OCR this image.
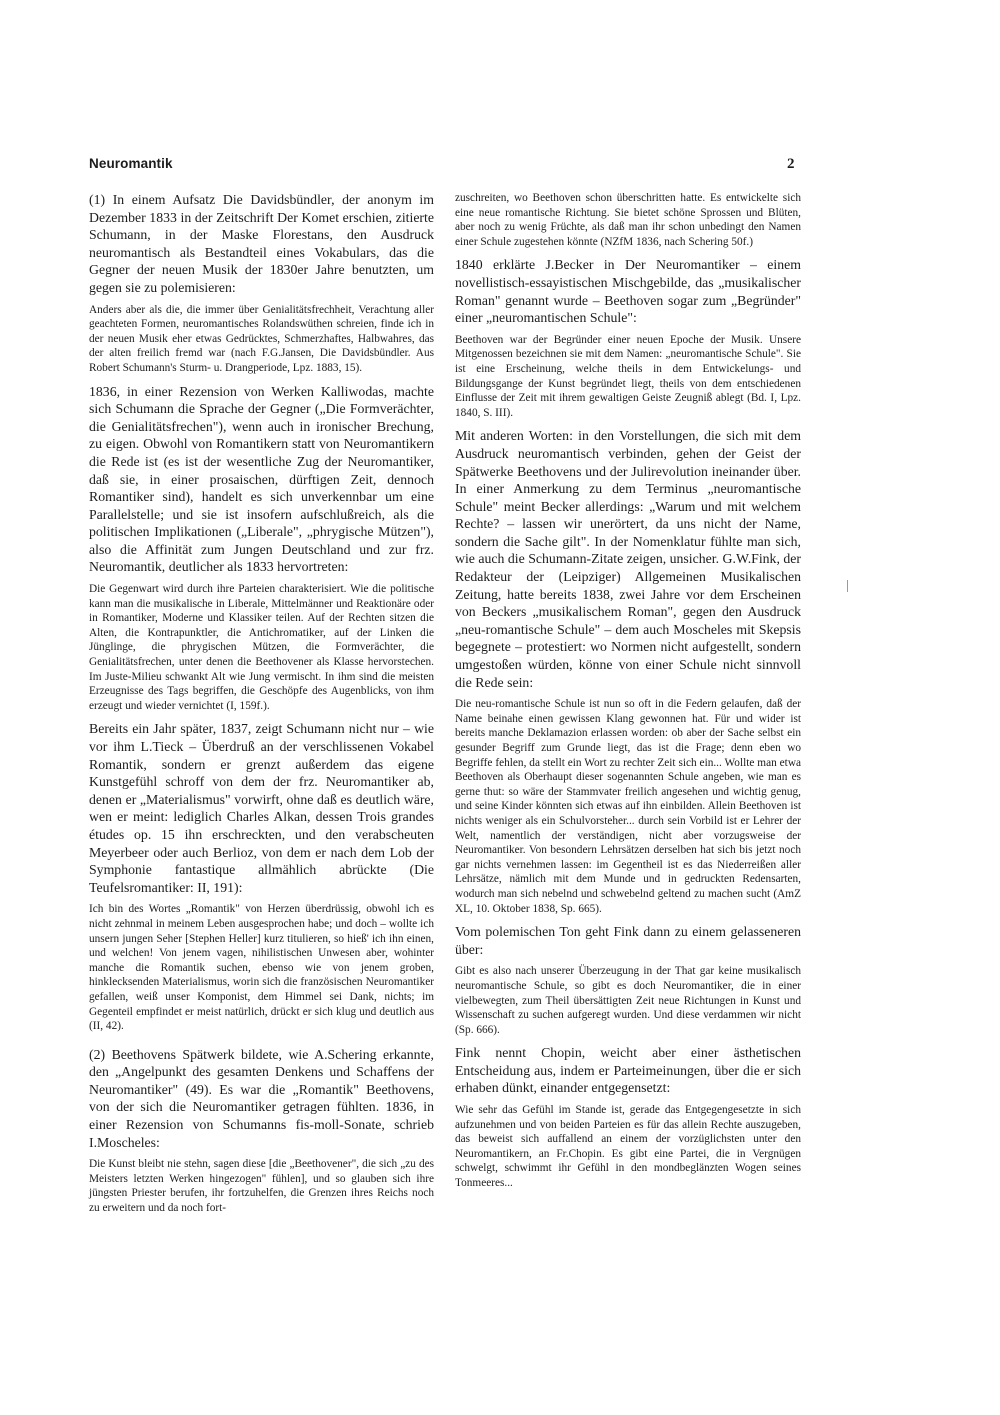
Neuromantik	2

(1) In einem Aufsatz Die Davidsbündler, der anonym im Dezember 1833 in der Zeitschrift Der Komet erschien, zitierte Schumann, in der Maske Florestans, den Ausdruck neuromantisch als Bestandteil eines Vokabulars, das die Gegner der neuen Musik der 1830er Jahre benutzten, um gegen sie zu polemisieren:

Anders aber als die, die immer über Genialitätsfrechheit, Verachtung aller geachteten Formen, neuromantisches Rolandswüthen schreien, finde ich in der neuen Musik eher etwas Gedrücktes, Schmerzhaftes, Halbwahres, das der alten freilich fremd war (nach F.G.Jansen, Die Davidsbündler. Aus Robert Schumann's Sturm- u. Drangperiode, Lpz. 1883, 15).

1836, in einer Rezension von Werken Kalliwodas, machte sich Schumann die Sprache der Gegner („Die Formverächter, die Genialitätsfrechen"), wenn auch in ironischer Brechung, zu eigen. Obwohl von Romantikern statt von Neuromantikern die Rede ist (es ist der wesentliche Zug der Neuromantiker, daß sie, in einer prosaischen, dürftigen Zeit, dennoch Romantiker sind), handelt es sich unverkennbar um eine Parallelstelle; und sie ist insofern aufschlußreich, als die politischen Implikationen („Liberale", „phrygische Mützen"), also die Affinität zum Jungen Deutschland und zur frz. Neuromantik, deutlicher als 1833 hervortreten:

Die Gegenwart wird durch ihre Parteien charakterisiert. Wie die politische kann man die musikalische in Liberale, Mittelmänner und Reaktionäre oder in Romantiker, Moderne und Klassiker teilen. Auf der Rechten sitzen die Alten, die Kontrapunktler, die Antichromatiker, auf der Linken die Jünglinge, die phrygischen Mützen, die Formverächter, die Genialitätsfrechen, unter denen die Beethovener als Klasse hervorstechen. Im Juste-Milieu schwankt Alt wie Jung vermischt. In ihm sind die meisten Erzeugnisse des Tags begriffen, die Geschöpfe des Augenblicks, von ihm erzeugt und wieder vernichtet (I, 159f.).

Bereits ein Jahr später, 1837, zeigt Schumann nicht nur – wie vor ihm L.Tieck – Überdruß an der verschlissenen Vokabel Romantik, sondern er grenzt außerdem das eigene Kunstgefühl schroff von dem der frz. Neuromantiker ab, denen er „Materialismus" vorwirft, ohne daß es deutlich wäre, wen er meint: lediglich Charles Alkan, dessen Trois grandes études op. 15 ihn erschreckten, und den verabscheuten Meyerbeer oder auch Berlioz, von dem er nach dem Lob der Symphonie fantastique allmählich abrückte (Die Teufelsromantiker: II, 191):

Ich bin des Wortes „Romantik" von Herzen überdrüssig, obwohl ich es nicht zehnmal in meinem Leben ausgesprochen habe; und doch – wollte ich unsern jungen Seher [Stephen Heller] kurz titulieren, so hieß' ich ihn einen, und welchen! Von jenem vagen, nihilistischen Unwesen aber, wohinter manche die Romantik suchen, ebenso wie von jenem groben, hinklecksenden Materialismus, worin sich die französischen Neuromantiker gefallen, weiß unser Komponist, dem Himmel sei Dank, nichts; im Gegenteil empfindet er meist natürlich, drückt er sich klug und deutlich aus (II, 42).

(2) Beethovens Spätwerk bildete, wie A.Schering erkannte, den „Angelpunkt des gesamten Denkens und Schaffens der Neuromantiker" (49). Es war die „Romantik" Beethovens, von der sich die Neuromantiker getragen fühlten. 1836, in einer Rezension von Schumanns fis-moll-Sonate, schrieb I.Moscheles:

Die Kunst bleibt nie stehn, sagen diese [die „Beethovener", die sich „zu des Meisters letzten Werken hingezogen" fühlen], und so glauben sich ihre jüngsten Priester berufen, ihr fortzuhelfen, die Grenzen ihres Reichs noch zu erweitern und da noch fort-

zuschreiten, wo Beethoven schon überschritten hatte. Es entwickelte sich eine neue romantische Richtung. Sie bietet schöne Sprossen und Blüten, aber noch zu wenig Früchte, als daß man ihr schon unbedingt den Namen einer Schule zugestehen könnte (NZfM 1836, nach Schering 50f.)

1840 erklärte J.Becker in Der Neuromantiker – einem novellistisch-essayistischen Mischgebilde, das „musikalischer Roman" genannt wurde – Beethoven sogar zum „Begründer" einer „neuromantischen Schule":

Beethoven war der Begründer einer neuen Epoche der Musik. Unsere Mitgenossen bezeichnen sie mit dem Namen: „neuromantische Schule". Sie ist eine Erscheinung, welche theils in dem Entwickelungs- und Bildungsgange der Kunst begründet liegt, theils von dem entschiedenen Einflusse der Zeit mit ihrem gewaltigen Geiste Zeugniß ablegt (Bd. I, Lpz. 1840, S. III).

Mit anderen Worten: in den Vorstellungen, die sich mit dem Ausdruck neuromantisch verbinden, gehen der Geist der Spätwerke Beethovens und der Julirevolution ineinander über. In einer Anmerkung zu dem Terminus „neuromantische Schule" meint Becker allerdings: „Warum und mit welchem Rechte? – lassen wir unerörtert, da uns nicht der Name, sondern die Sache gilt". In der Nomenklatur fühlte man sich, wie auch die Schumann-Zitate zeigen, unsicher. G.W.Fink, der Redakteur der (Leipziger) Allgemeinen Musikalischen Zeitung, hatte bereits 1838, zwei Jahre vor dem Erscheinen von Beckers „musikalischem Roman", gegen den Ausdruck „neu-romantische Schule" – dem auch Moscheles mit Skepsis begegnete – protestiert: wo Normen nicht aufgestellt, sondern umgestoßen würden, könne von einer Schule nicht sinnvoll die Rede sein:

Die neu-romantische Schule ist nun so oft in die Federn gelaufen, daß der Name beinahe einen gewissen Klang gewonnen hat. Für und wider ist bereits manche Deklamazion erlassen worden: ob aber der Sache selbst ein gesunder Begriff zum Grunde liegt, das ist die Frage; denn eben wo Begriffe fehlen, da stellt ein Wort zu rechter Zeit sich ein... Wollte man etwa Beethoven als Oberhaupt dieser sogenannten Schule angeben, wie man es gerne thut: so wäre der Stammvater freilich angesehen und wichtig genug, und seine Kinder könnten sich etwas auf ihn einbilden. Allein Beethoven ist nichts weniger als ein Schulvorsteher... durch sein Vorbild ist er Lehrer der Welt, namentlich der verständigen, nicht aber vorzugsweise der Neuromantiker. Von besondern Lehrsätzen derselben hat sich bis jetzt noch gar nichts vernehmen lassen: im Gegentheil ist es das Niederreißen aller Lehrsätze, nämlich mit dem Munde und in gedruckten Redensarten, wodurch man sich nebelnd und schwebelnd geltend zu machen sucht (AmZ XL, 10. Oktober 1838, Sp. 665).

Vom polemischen Ton geht Fink dann zu einem gelasseneren über:

Gibt es also nach unserer Überzeugung in der That gar keine musikalisch neuromantische Schule, so gibt es doch Neuromantiker, die in einer vielbewegten, zum Theil übersättigten Zeit neue Richtungen in Kunst und Wissenschaft zu suchen aufgeregt wurden. Und diese verdammen wir nicht (Sp. 666).

Fink nennt Chopin, weicht aber einer ästhetischen Entscheidung aus, indem er Parteimeinungen, über die er sich erhaben dünkt, einander entgegensetzt:

Wie sehr das Gefühl im Stande ist, gerade das Entgegengesetzte in sich aufzunehmen und von beiden Parteien es für das allein Rechte auszugeben, das beweist sich auffallend an einem der vorzüglichsten unter den Neuromantikern, an Fr.Chopin. Es gibt eine Partei, die in Vergnügen schwelgt, schwimmt ihr Gefühl in den mondbeglänzten Wogen seines Tonmeeres...
